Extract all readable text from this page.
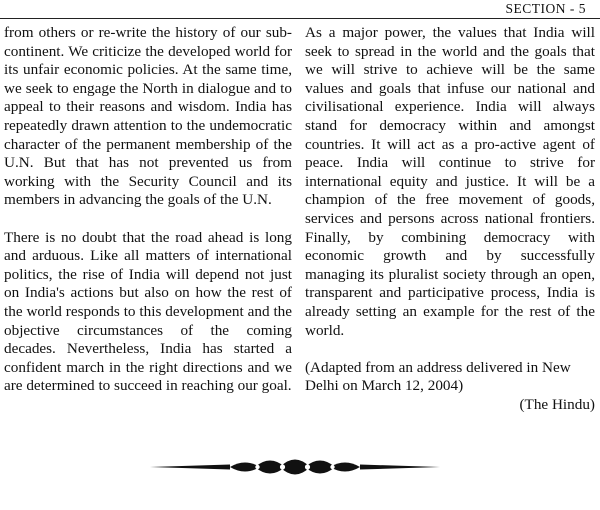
SECTION - 5

from others or re-write the history of our sub-continent. We criticize the developed world for its unfair economic policies. At the same time, we seek to engage the North in dialogue and to appeal to their reasons and wisdom. India has repeatedly drawn attention to the undemocratic character of the permanent membership of the U.N. But that has not prevented us from working with the Security Council and its members in advancing the goals of the U.N.

There is no doubt that the road ahead is long and arduous. Like all matters of international politics, the rise of India will depend not just on India's actions but also on how the rest of the world responds to this development and the objective circumstances of the coming decades. Nevertheless, India has started a confident march in the right directions and we are determined to succeed in reaching our goal.

As a major power, the values that India will seek to spread in the world and the goals that we will strive to achieve will be the same values and goals that infuse our national and civilisational experience. India will always stand for democracy within and amongst countries. It will act as a pro-active agent of peace. India will continue to strive for international equity and justice. It will be a champion of the free movement of goods, services and persons across national frontiers. Finally, by combining democracy with economic growth and by successfully managing its pluralist society through an open, transparent and participative process, India is already setting an example for the rest of the world.

(Adapted from an address delivered in New Delhi on March 12, 2004)

(The Hindu)
